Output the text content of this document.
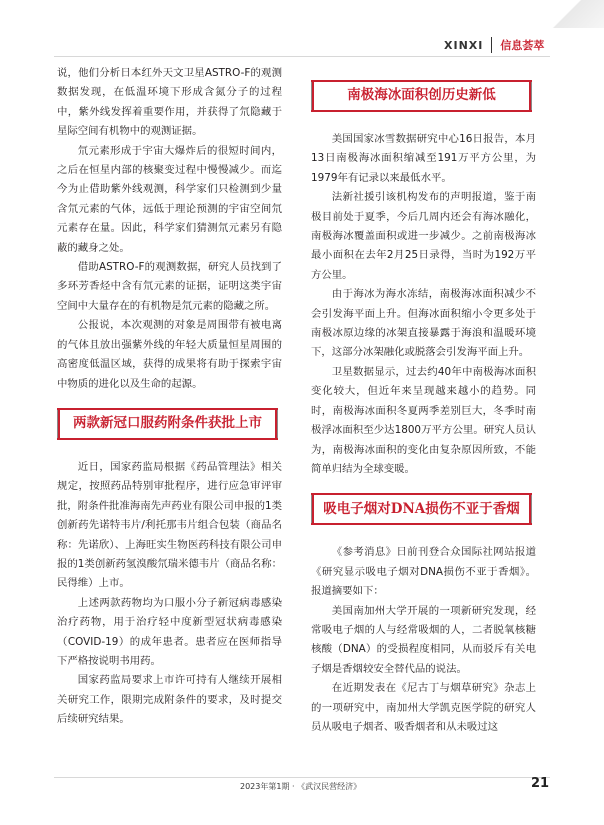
XINXI 信息荟萃

说，他们分析日本红外天文卫星ASTRO-F的观测数据发现，在低温环境下形成含氮分子的过程中，紫外线发挥着重要作用，并获得了氘隐藏于星际空间有机物中的观测证据。

氘元素形成于宇宙大爆炸后的很短时间内，之后在恒星内部的核聚变过程中慢慢减少。而迄今为止借助紫外线观测，科学家们只检测到少量含氘元素的气体，远低于理论预测的宇宙空间氘元素存在量。因此，科学家们猜测氘元素另有隐蔽的藏身之处。

借助ASTRO-F的观测数据，研究人员找到了多环芳香烃中含有氘元素的证据，证明这类宇宙空间中大量存在的有机物是氘元素的隐藏之所。

公报说，本次观测的对象是周围带有被电离的气体且放出强紫外线的年轻大质量恒星周围的高密度低温区域，获得的成果将有助于探索宇宙中物质的进化以及生命的起源。

两款新冠口服药附条件获批上市

近日，国家药监局根据《药品管理法》相关规定，按照药品特别审批程序，进行应急审评审批，附条件批准海南先声药业有限公司申报的1类创新药先诺特韦片/利托那韦片组合包装（商品名称：先诺欣）、上海旺实生物医药科技有限公司申报的1类创新药氢溴酸氘瑞米德韦片（商品名称：民得维）上市。

上述两款药物均为口服小分子新冠病毒感染治疗药物，用于治疗轻中度新型冠状病毒感染（COVID-19）的成年患者。患者应在医师指导下严格按说明书用药。

国家药监局要求上市许可持有人继续开展相关研究工作，限期完成附条件的要求，及时提交后续研究结果。

南极海冰面积创历史新低

美国国家冰雪数据研究中心16日报告，本月13日南极海冰面积缩减至191万平方公里，为1979年有记录以来最低水平。

法新社援引该机构发布的声明报道，鉴于南极目前处于夏季，今后几周内还会有海冰融化，南极海冰覆盖面积或进一步减少。之前南极海冰最小面积在去年2月25日录得，当时为192万平方公里。

由于海冰为海水冻结，南极海冰面积减少不会引发海平面上升。但海冰面积缩小令更多处于南极冰原边缘的冰架直接暴露于海浪和温暖环境下，这部分冰架融化或脱落会引发海平面上升。

卫星数据显示，过去约40年中南极海冰面积变化较大，但近年来呈现越来越小的趋势。同时，南极海冰面积冬夏两季差别巨大，冬季时南极浮冰面积至少达1800万平方公里。研究人员认为，南极海冰面积的变化由复杂原因所致，不能简单归结为全球变暖。

吸电子烟对DNA损伤不亚于香烟

《参考消息》日前刊登合众国际社网站报道《研究显示吸电子烟对DNA损伤不亚于香烟》。报道摘要如下：

美国南加州大学开展的一项新研究发现，经常吸电子烟的人与经常吸烟的人，二者脱氧核糖核酸（DNA）的受损程度相同，从而驳斥有关电子烟是香烟较安全替代品的说法。

在近期发表在《尼古丁与烟草研究》杂志上的一项研究中，南加州大学凯克医学院的研究人员从吸电子烟者、吸香烟者和从未吸过这

2023年第1期 · 《武汉民营经济》	21
